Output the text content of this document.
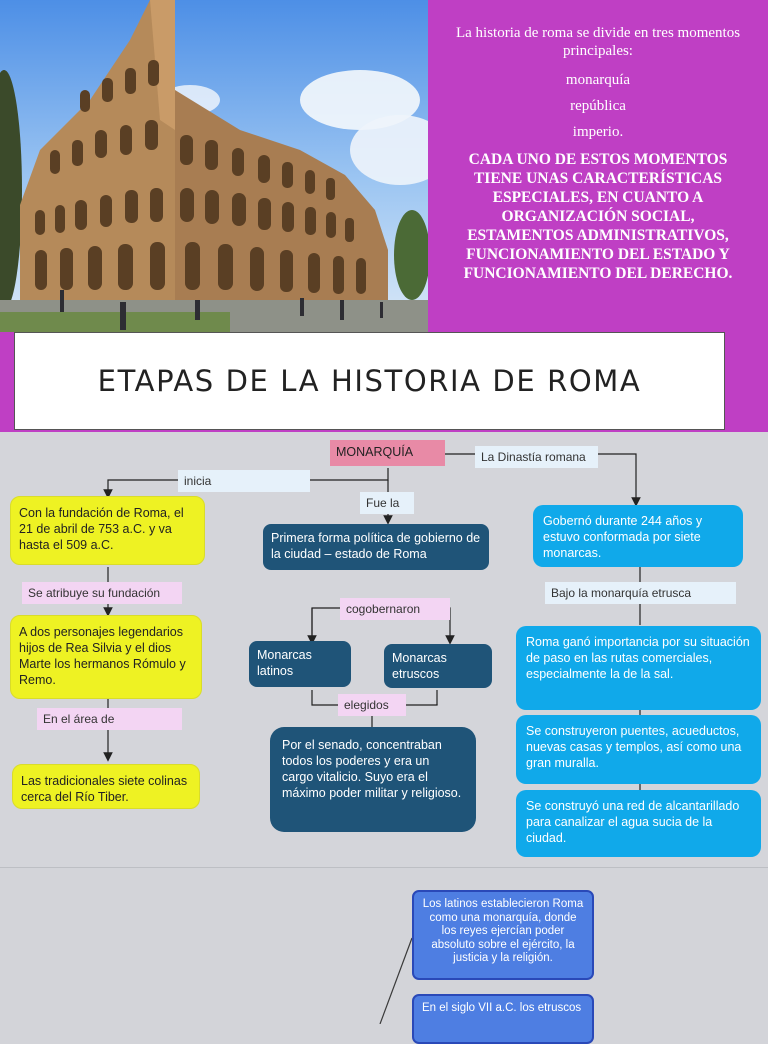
La historia de roma se divide en tres momentos principales:

monarquía

república

imperio.

CADA UNO DE ESTOS MOMENTOS TIENE UNAS CARACTERÍSTICAS ESPECIALES, EN CUANTO A ORGANIZACIÓN SOCIAL, ESTAMENTOS ADMINISTRATIVOS, FUNCIONAMIENTO DEL ESTADO Y FUNCIONAMIENTO DEL DERECHO.

ETAPAS DE LA HISTORIA DE ROMA
MONARQUÍA
inicia
La Dinastía romana
Fue la
Con la fundación de Roma, el 21 de abril de 753 a.C. y va hasta el 509 a.C.
Se atribuye su fundación
A dos personajes legendarios hijos de Rea Silvia y el dios Marte los hermanos Rómulo y Remo.
En el área de
Las tradicionales siete colinas cerca del Río Tiber.
Primera forma política de gobierno de la ciudad – estado de Roma
cogobernaron
Monarcas latinos
Monarcas etruscos
elegidos
Por el senado, concentraban todos los poderes y era un cargo vitalicio. Suyo era el máximo poder militar y religioso.
Gobernó durante 244 años y estuvo conformada por siete monarcas.
Bajo la monarquía etrusca
Roma ganó importancia por su situación de paso en las rutas comerciales, especialmente la de la sal.
Se construyeron puentes, acueductos, nuevas casas y templos, así como una gran muralla.
Se construyó una red de alcantarillado para canalizar el agua sucia de la ciudad.
Los latinos establecieron Roma como una monarquía, donde los reyes ejercían poder absoluto sobre el ejército, la justicia y la religión.
En el siglo VII a.C. los etruscos
